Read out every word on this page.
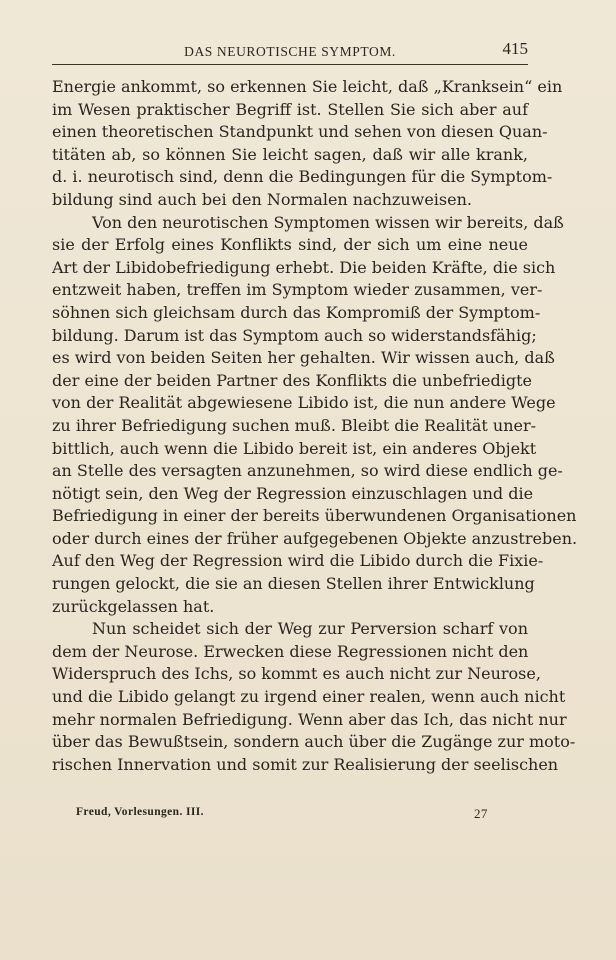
DAS NEUROTISCHE SYMPTOM.	415
Energie ankommt, so erkennen Sie leicht, daß „Kranksein“ ein
im Wesen praktischer Begriff ist. Stellen Sie sich aber auf
einen theoretischen Standpunkt und sehen von diesen Quan-
titäten ab, so können Sie leicht sagen, daß wir alle krank,
d. i. neurotisch sind, denn die Bedingungen für die Symptom-
bildung sind auch bei den Normalen nachzuweisen.
Von den neurotischen Symptomen wissen wir bereits, daß
sie der Erfolg eines Konflikts sind, der sich um eine neue
Art der Libidobefriedigung erhebt. Die beiden Kräfte, die sich
entzweit haben, treffen im Symptom wieder zusammen, ver-
söhnen sich gleichsam durch das Kompromiß der Symptom-
bildung. Darum ist das Symptom auch so widerstandsfähig;
es wird von beiden Seiten her gehalten. Wir wissen auch, daß
der eine der beiden Partner des Konflikts die unbefriedigte
von der Realität abgewiesene Libido ist, die nun andere Wege
zu ihrer Befriedigung suchen muß. Bleibt die Realität uner-
bittlich, auch wenn die Libido bereit ist, ein anderes Objekt
an Stelle des versagten anzunehmen, so wird diese endlich ge-
nötigt sein, den Weg der Regression einzuschlagen und die
Befriedigung in einer der bereits überwundenen Organisationen
oder durch eines der früher aufgegebenen Objekte anzustreben.
Auf den Weg der Regression wird die Libido durch die Fixie-
rungen gelockt, die sie an diesen Stellen ihrer Entwicklung
zurückgelassen hat.
Nun scheidet sich der Weg zur Perversion scharf von
dem der Neurose. Erwecken diese Regressionen nicht den
Widerspruch des Ichs, so kommt es auch nicht zur Neurose,
und die Libido gelangt zu irgend einer realen, wenn auch nicht
mehr normalen Befriedigung. Wenn aber das Ich, das nicht nur
über das Bewußtsein, sondern auch über die Zugänge zur moto-
rischen Innervation und somit zur Realisierung der seelischen
Freud, Vorlesungen. III.	27
